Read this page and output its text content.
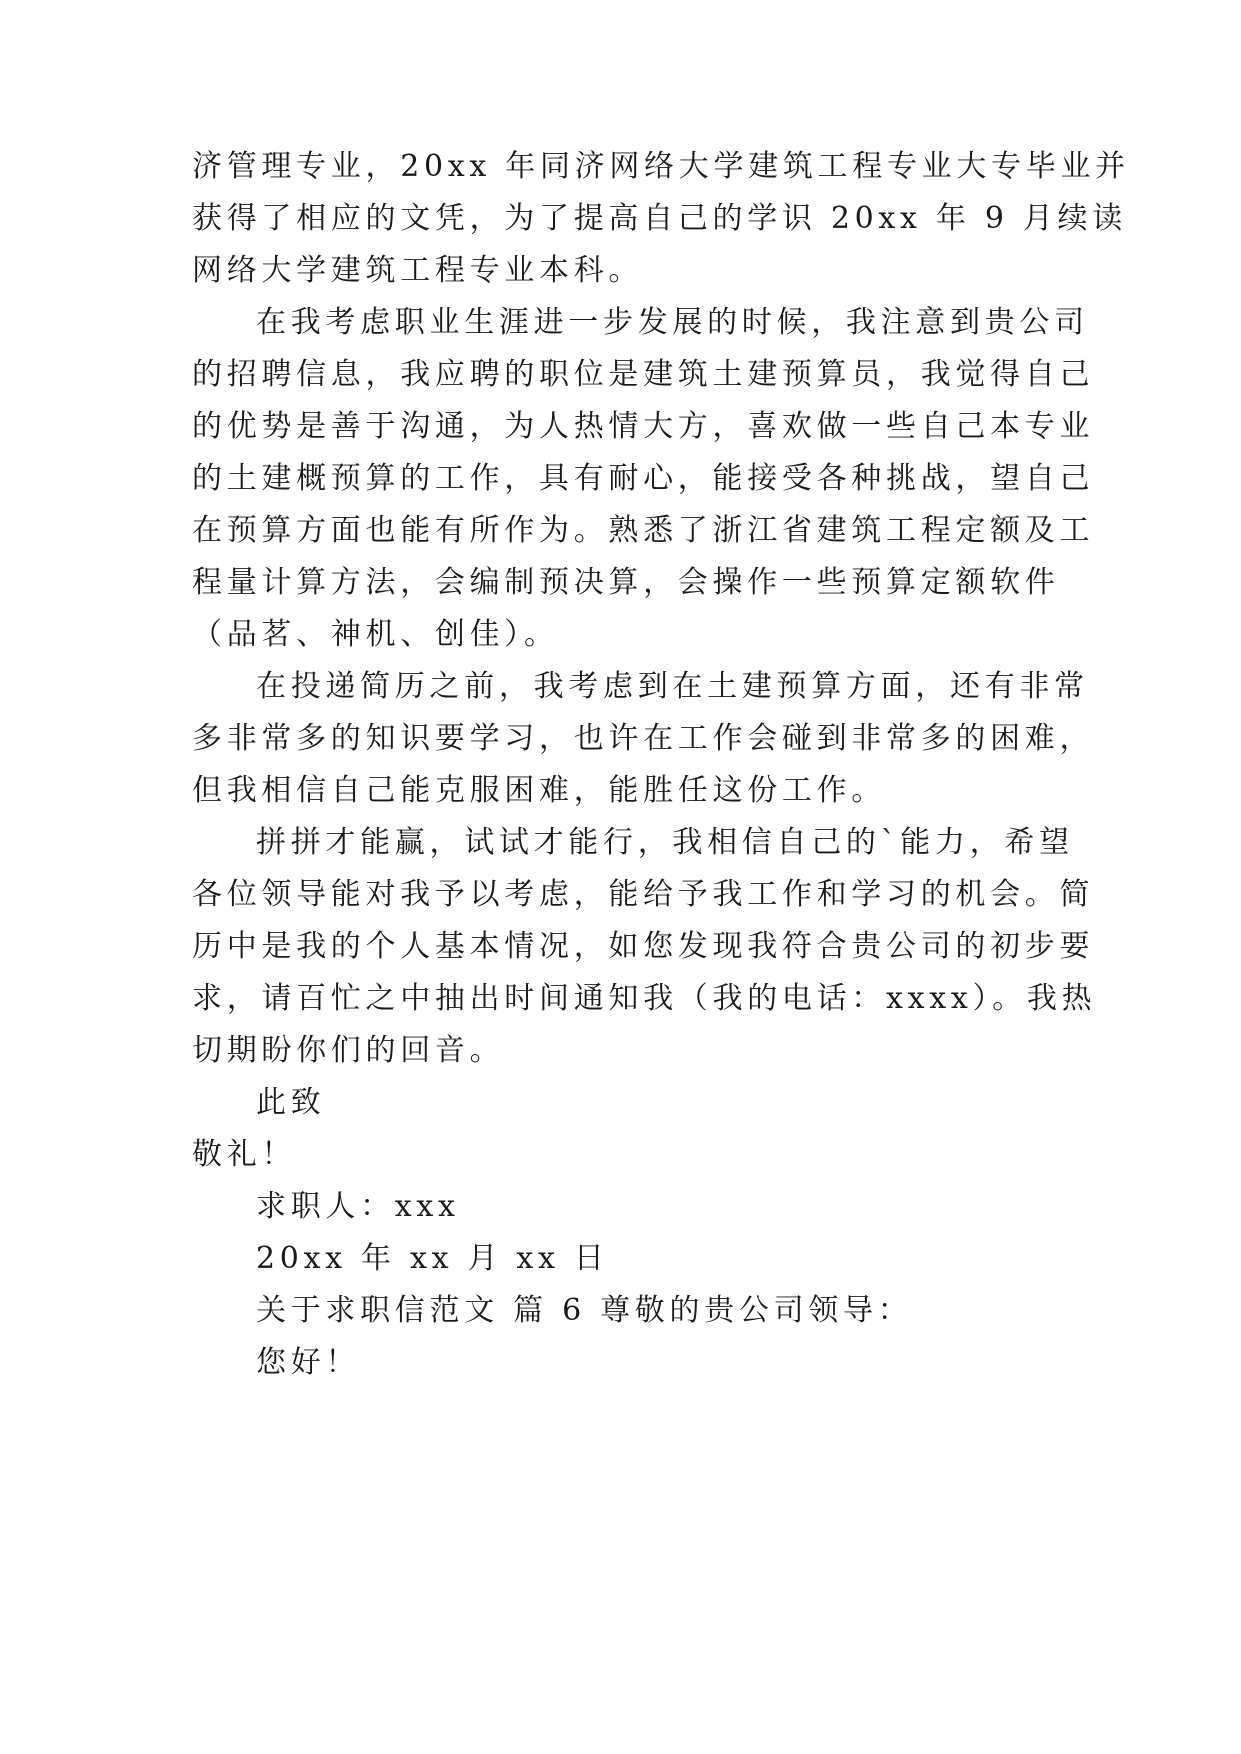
济管理专业，20xx 年同济网络大学建筑工程专业大专毕业并
获得了相应的文凭，为了提高自己的学识 20xx 年 9 月续读
网络大学建筑工程专业本科。
在我考虑职业生涯进一步发展的时候，我注意到贵公司
的招聘信息，我应聘的职位是建筑土建预算员，我觉得自己
的优势是善于沟通，为人热情大方，喜欢做一些自己本专业
的土建概预算的工作，具有耐心，能接受各种挑战，望自己
在预算方面也能有所作为。熟悉了浙江省建筑工程定额及工
程量计算方法，会编制预决算，会操作一些预算定额软件
（品茗、神机、创佳）。
在投递简历之前，我考虑到在土建预算方面，还有非常
多非常多的知识要学习，也许在工作会碰到非常多的困难，
但我相信自己能克服困难，能胜任这份工作。
拼拼才能赢，试试才能行，我相信自己的`能力，希望
各位领导能对我予以考虑，能给予我工作和学习的机会。简
历中是我的个人基本情况，如您发现我符合贵公司的初步要
求，请百忙之中抽出时间通知我（我的电话：xxxx）。我热
切期盼你们的回音。
此致
敬礼！
求职人：xxx
20xx 年 xx 月 xx 日
关于求职信范文 篇 6 尊敬的贵公司领导：
您好！
